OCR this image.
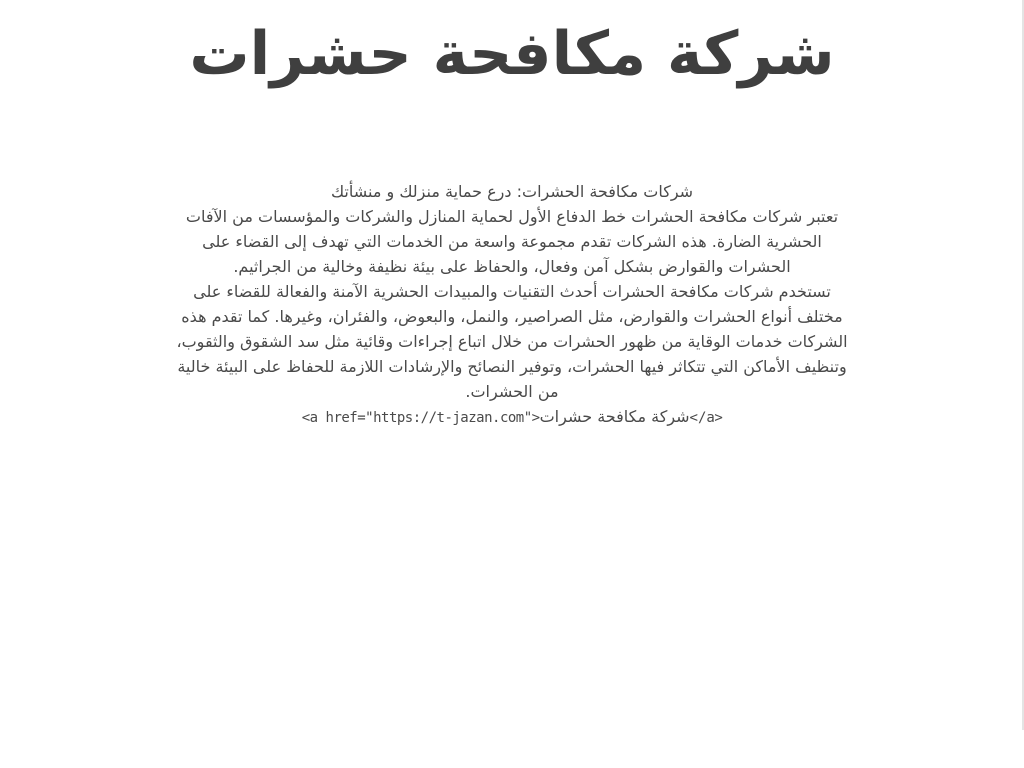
شركة مكافحة حشرات

شركات مكافحة الحشرات: درع حماية منزلك و منشأتك

تعتبر شركات مكافحة الحشرات خط الدفاع الأول لحماية المنازل والشركات والمؤسسات من الآفات الحشرية الضارة. هذه الشركات تقدم مجموعة واسعة من الخدمات التي تهدف إلى القضاء على الحشرات والقوارض بشكل آمن وفعال، والحفاظ على بيئة نظيفة وخالية من الجراثيم.

تستخدم شركات مكافحة الحشرات أحدث التقنيات والمبيدات الحشرية الآمنة والفعالة للقضاء على مختلف أنواع الحشرات والقوارض، مثل الصراصير، والنمل، والبعوض، والفئران، وغيرها. كما تقدم هذه الشركات خدمات الوقاية من ظهور الحشرات من خلال اتباع إجراءات وقائية مثل سد الشقوق والثقوب، وتنظيف الأماكن التي تتكاثر فيها الحشرات، وتوفير النصائح والإرشادات اللازمة للحفاظ على البيئة خالية من الحشرات.

<a href="https://t-jazan.com">شركة مكافحة حشرات</a>
